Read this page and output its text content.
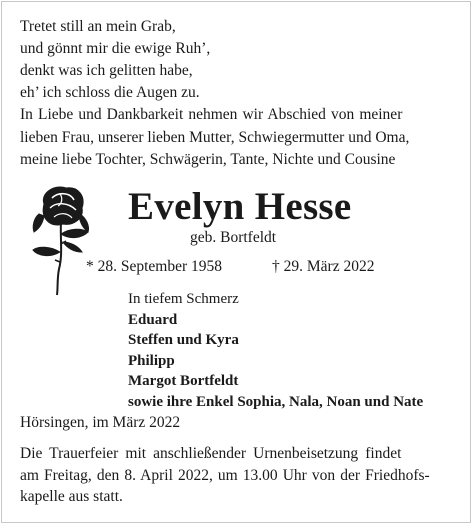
Tretet still an mein Grab,
und gönnt mir die ewige Ruh’,
denkt was ich gelitten habe,
eh’ ich schloss die Augen zu.
In Liebe und Dankbarkeit nehmen wir Abschied von meiner
lieben Frau, unserer lieben Mutter, Schwiegermutter und Oma,
meine liebe Tochter, Schwägerin, Tante, Nichte und Cousine
Evelyn Hesse
geb. Bortfeldt
* 28. September 1958	† 29. März 2022
In tiefem Schmerz
Eduard
Steffen und Kyra
Philipp
Margot Bortfeldt
sowie ihre Enkel Sophia, Nala, Noan und Nate
Hörsingen, im März 2022
Die Trauerfeier mit anschließender Urnenbeisetzung findet
am Freitag, den 8. April 2022, um 13.00 Uhr von der Friedhofs-
kapelle aus statt.
